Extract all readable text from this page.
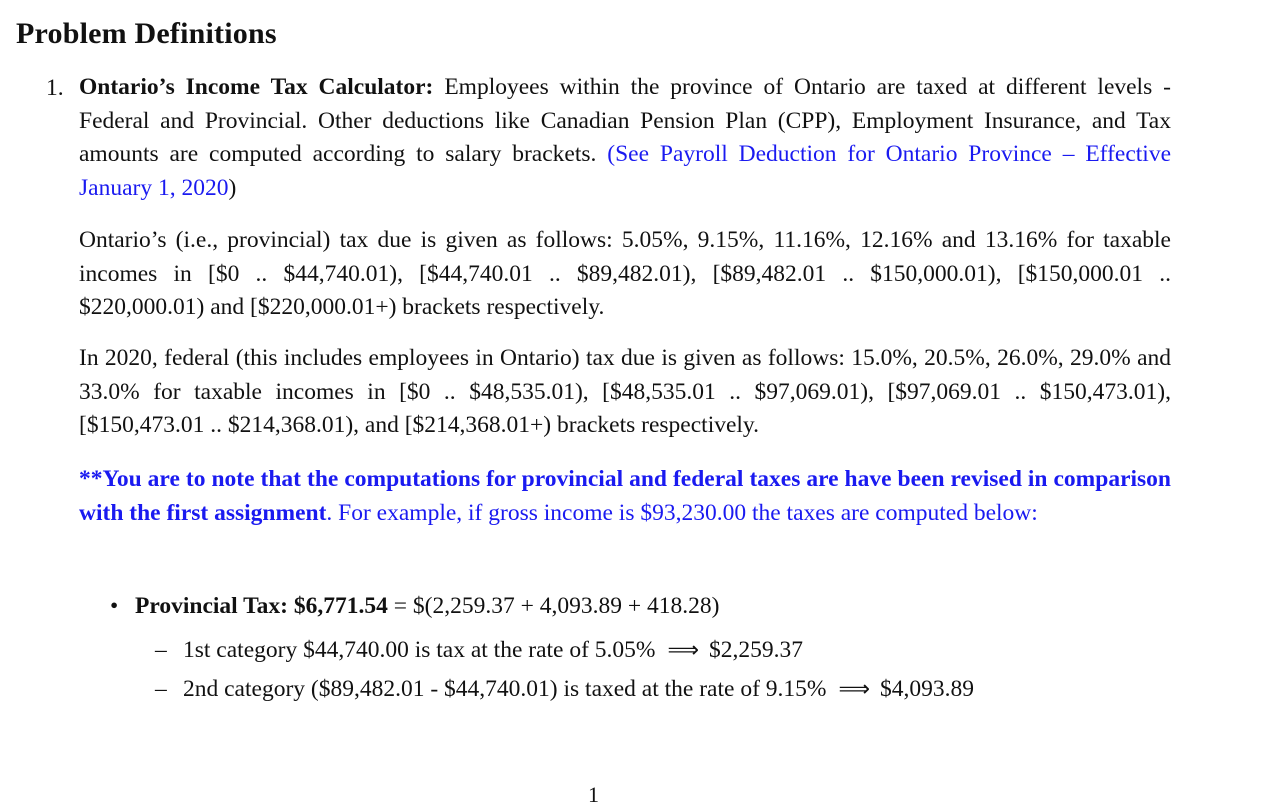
Problem Definitions
1. Ontario’s Income Tax Calculator: Employees within the province of Ontario are taxed at different levels - Federal and Provincial. Other deductions like Canadian Pension Plan (CPP), Employment Insurance, and Tax amounts are computed according to salary brackets. (See Payroll Deduction for Ontario Province – Effective January 1, 2020)

Ontario’s (i.e., provincial) tax due is given as follows: 5.05%, 9.15%, 11.16%, 12.16% and 13.16% for taxable incomes in [$0 .. $44,740.01), [$44,740.01 .. $89,482.01), [$89,482.01 .. $150,000.01), [$150,000.01 .. $220,000.01) and [$220,000.01+) brackets respectively.

In 2020, federal (this includes employees in Ontario) tax due is given as follows: 15.0%, 20.5%, 26.0%, 29.0% and 33.0% for taxable incomes in [$0 .. $48,535.01), [$48,535.01 .. $97,069.01), [$97,069.01 .. $150,473.01), [$150,473.01 .. $214,368.01), and [$214,368.01+) brackets respectively.

**You are to note that the computations for provincial and federal taxes are have been revised in comparison with the first assignment. For example, if gross income is $93,230.00 the taxes are computed below:

• Provincial Tax: $6,771.54 = $(2,259.37 + 4,093.89 + 418.28)
– 1st category $44,740.00 is tax at the rate of 5.05% ⟹ $2,259.37
– 2nd category ($89,482.01 - $44,740.01) is taxed at the rate of 9.15% ⟹ $4,093.89
1
